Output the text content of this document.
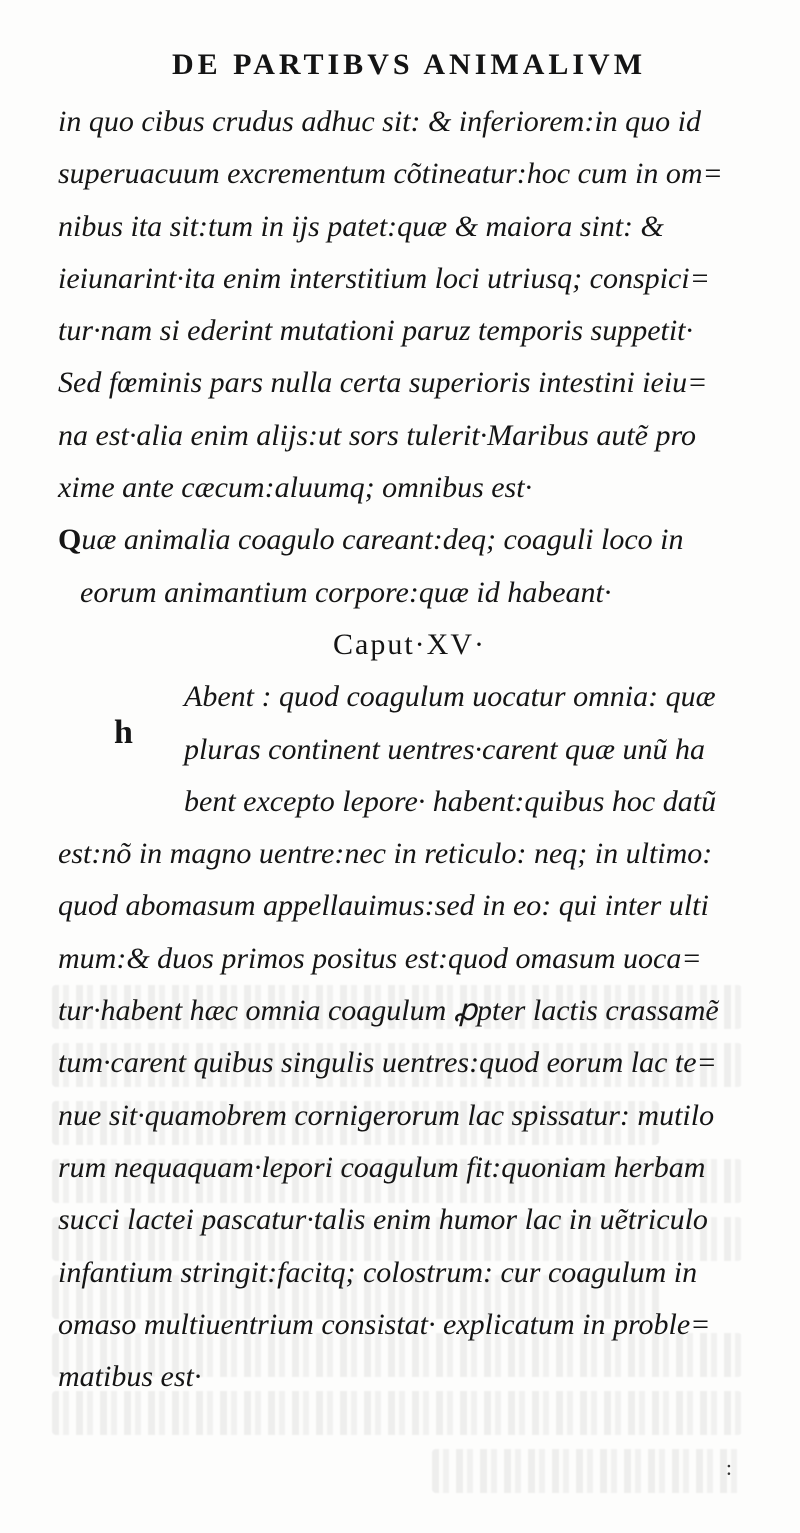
DE PARTIBVS ANIMALIVM
in quo cibus crudus adhuc sit: & inferiorem:in quo id
superuacuum excrementum cõtineatur:hoc cum in om=
nibus ita sit:tum in ijs patet:quæ & maiora sint: &
ieiunarint·ita enim interstitium loci utriusq; conspici=
tur·nam si ederint mutationi paruz temporis suppetit·
Sed fœminis pars nulla certa superioris intestini ieiu=
na est·alia enim alijs:ut sors tulerit·Maribus autẽ pro
xime ante cæcum:aluumq; omnibus est·
Quæ animalia coagulo careant:deq; coaguli loco in
eorum animantium corpore:quæ id habeant·
Caput·XV·
h
Abent : quod coagulum uocatur omnia: quæ
pluras continent uentres·carent quæ unũ ha
bent excepto lepore· habent:quibus hoc datũ
est:nõ in magno uentre:nec in reticulo: neq; in ultimo:
quod abomasum appellauimus:sed in eo: qui inter ulti
mum:& duos primos positus est:quod omasum uoca=
tur·habent hæc omnia coagulum ꝓpter lactis crassamẽ
tum·carent quibus singulis uentres:quod eorum lac te=
nue sit·quamobrem cornigerorum lac spissatur: mutilo
rum nequaquam·lepori coagulum fit:quoniam herbam
succi lactei pascatur·talis enim humor lac in uẽtriculo
infantium stringit:facitq; colostrum: cur coagulum in
omaso multiuentrium consistat· explicatum in proble=
matibus est·
:
